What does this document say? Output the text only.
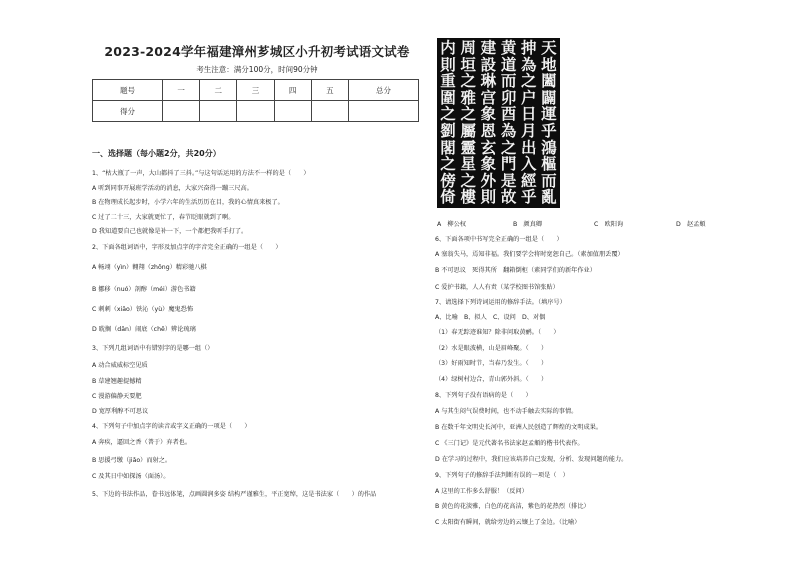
2023-2024学年福建漳州芗城区小升初考试语文试卷
考生注意：满分100分，时间90分钟
题号	一	二	三	四	五	总分
得分						
一、选择题（每小题2分，共20分）
1、“枯大瓶了一声，大山都抖了三抖。”与这句话运用的方法不一样的是（　　）
A 听到同事开展班学活动的消息，大家兴奋得一蹦三尺高。
B 在物理成长起步时，小学六年的生活历历在目，我的心情真来极了。
C 过了二十三，大家就更忙了，春节眨眼就到了啊。
D 我知道要自己也就像是补一下，一个都把我听手打了。
2、下面各组词语中，字形及加点字的字音完全正确的一组是（　　）
A 畅翊（yìn）翱翔（zhōng）精彩驰八棋
B 挪移（nuó）剖醇（méi）游色书籍
C 刺刺（xiāo）铁沁（yù）魔鬼恐怖
D 耽搁（dān）闹底（chē）辨论琉璃
3、下列几组词语中有错别字的是哪一组（）
A 动合威威标空见质
B 草建翘趣提撼精
C 漫游偏静天要肥
D 宽厚利醇不可思议
4、下列句子中加点字的读音或字义正确的一项是（　　）
A 奔疾，逼回之香（普于）弃者也。
B 思援弓缴（jiǎo）而射之。
C 及其日中如探汤（面汤）。
5、下边的书法作品，眷书远体笔，点画圆润多姿 结构严谨雅生，平正宽绰，这是书法家（　　）的作品
天
地
闔
闢
運
乎
鴻
樞
而
亂
抻
為
之
户
日
月
出
入
經
乎
黄
道
而
卯
酉
為
之
門
是
故
建
設
琳
宫
象
恩
玄
象
外
則
周
垣
之
雅
之
屬
靈
星
之
樓
内
則
重
圍
之
劉
閣
之
傍
倚
A　柳公权	B　颜真卿	C　欧阳询	D　赵孟頫
6、下面各项中书写完全正确的一组是（　　）
A 塞翁失马，焉知非福。我们要学会将时宽恕自己。（素加值朋丢覆）
B 不可思议　死得其所　翻箱倒柜（素同学们的新年作业）
C 爱护书籍，人人有责（某学校图书馆张贴）
7、请选择下列诗词运用的修辞手法。（填序号）
A、比喻　B、拟人　C、设问　D、对偶
（1）春无踪迹谁知？除非问取黄鹂。（　　）
（2）水是眼波横，山是眉峰聚。（　　）
（3）好雨知时节，当春乃发生。（　　）
（4）绿树村边合，青山郭外斜。（　　）
8、下列句子没有语病的是（　　）
A 与其生闷气误费时间，也不动手触去实际的事情。
B 在数千年文明史长河中，亚洲人民创造了辉煌的文明成果。
C 《三门记》是元代著名书法家赵孟頫的楷书代表作。
D 在学习的过程中，我们应该培养自己发现，分析、发现问题的能力。
9、下列句子的修辞手法判断有误的一项是（　）
A 这里的工作多么舒服！（反问）
B 黄色的花淡雅，白色的花高洁，紫色的花热烈（排比）
C 太阳街有瞬间，就给旁边的云镶上了金边。（比喻）
